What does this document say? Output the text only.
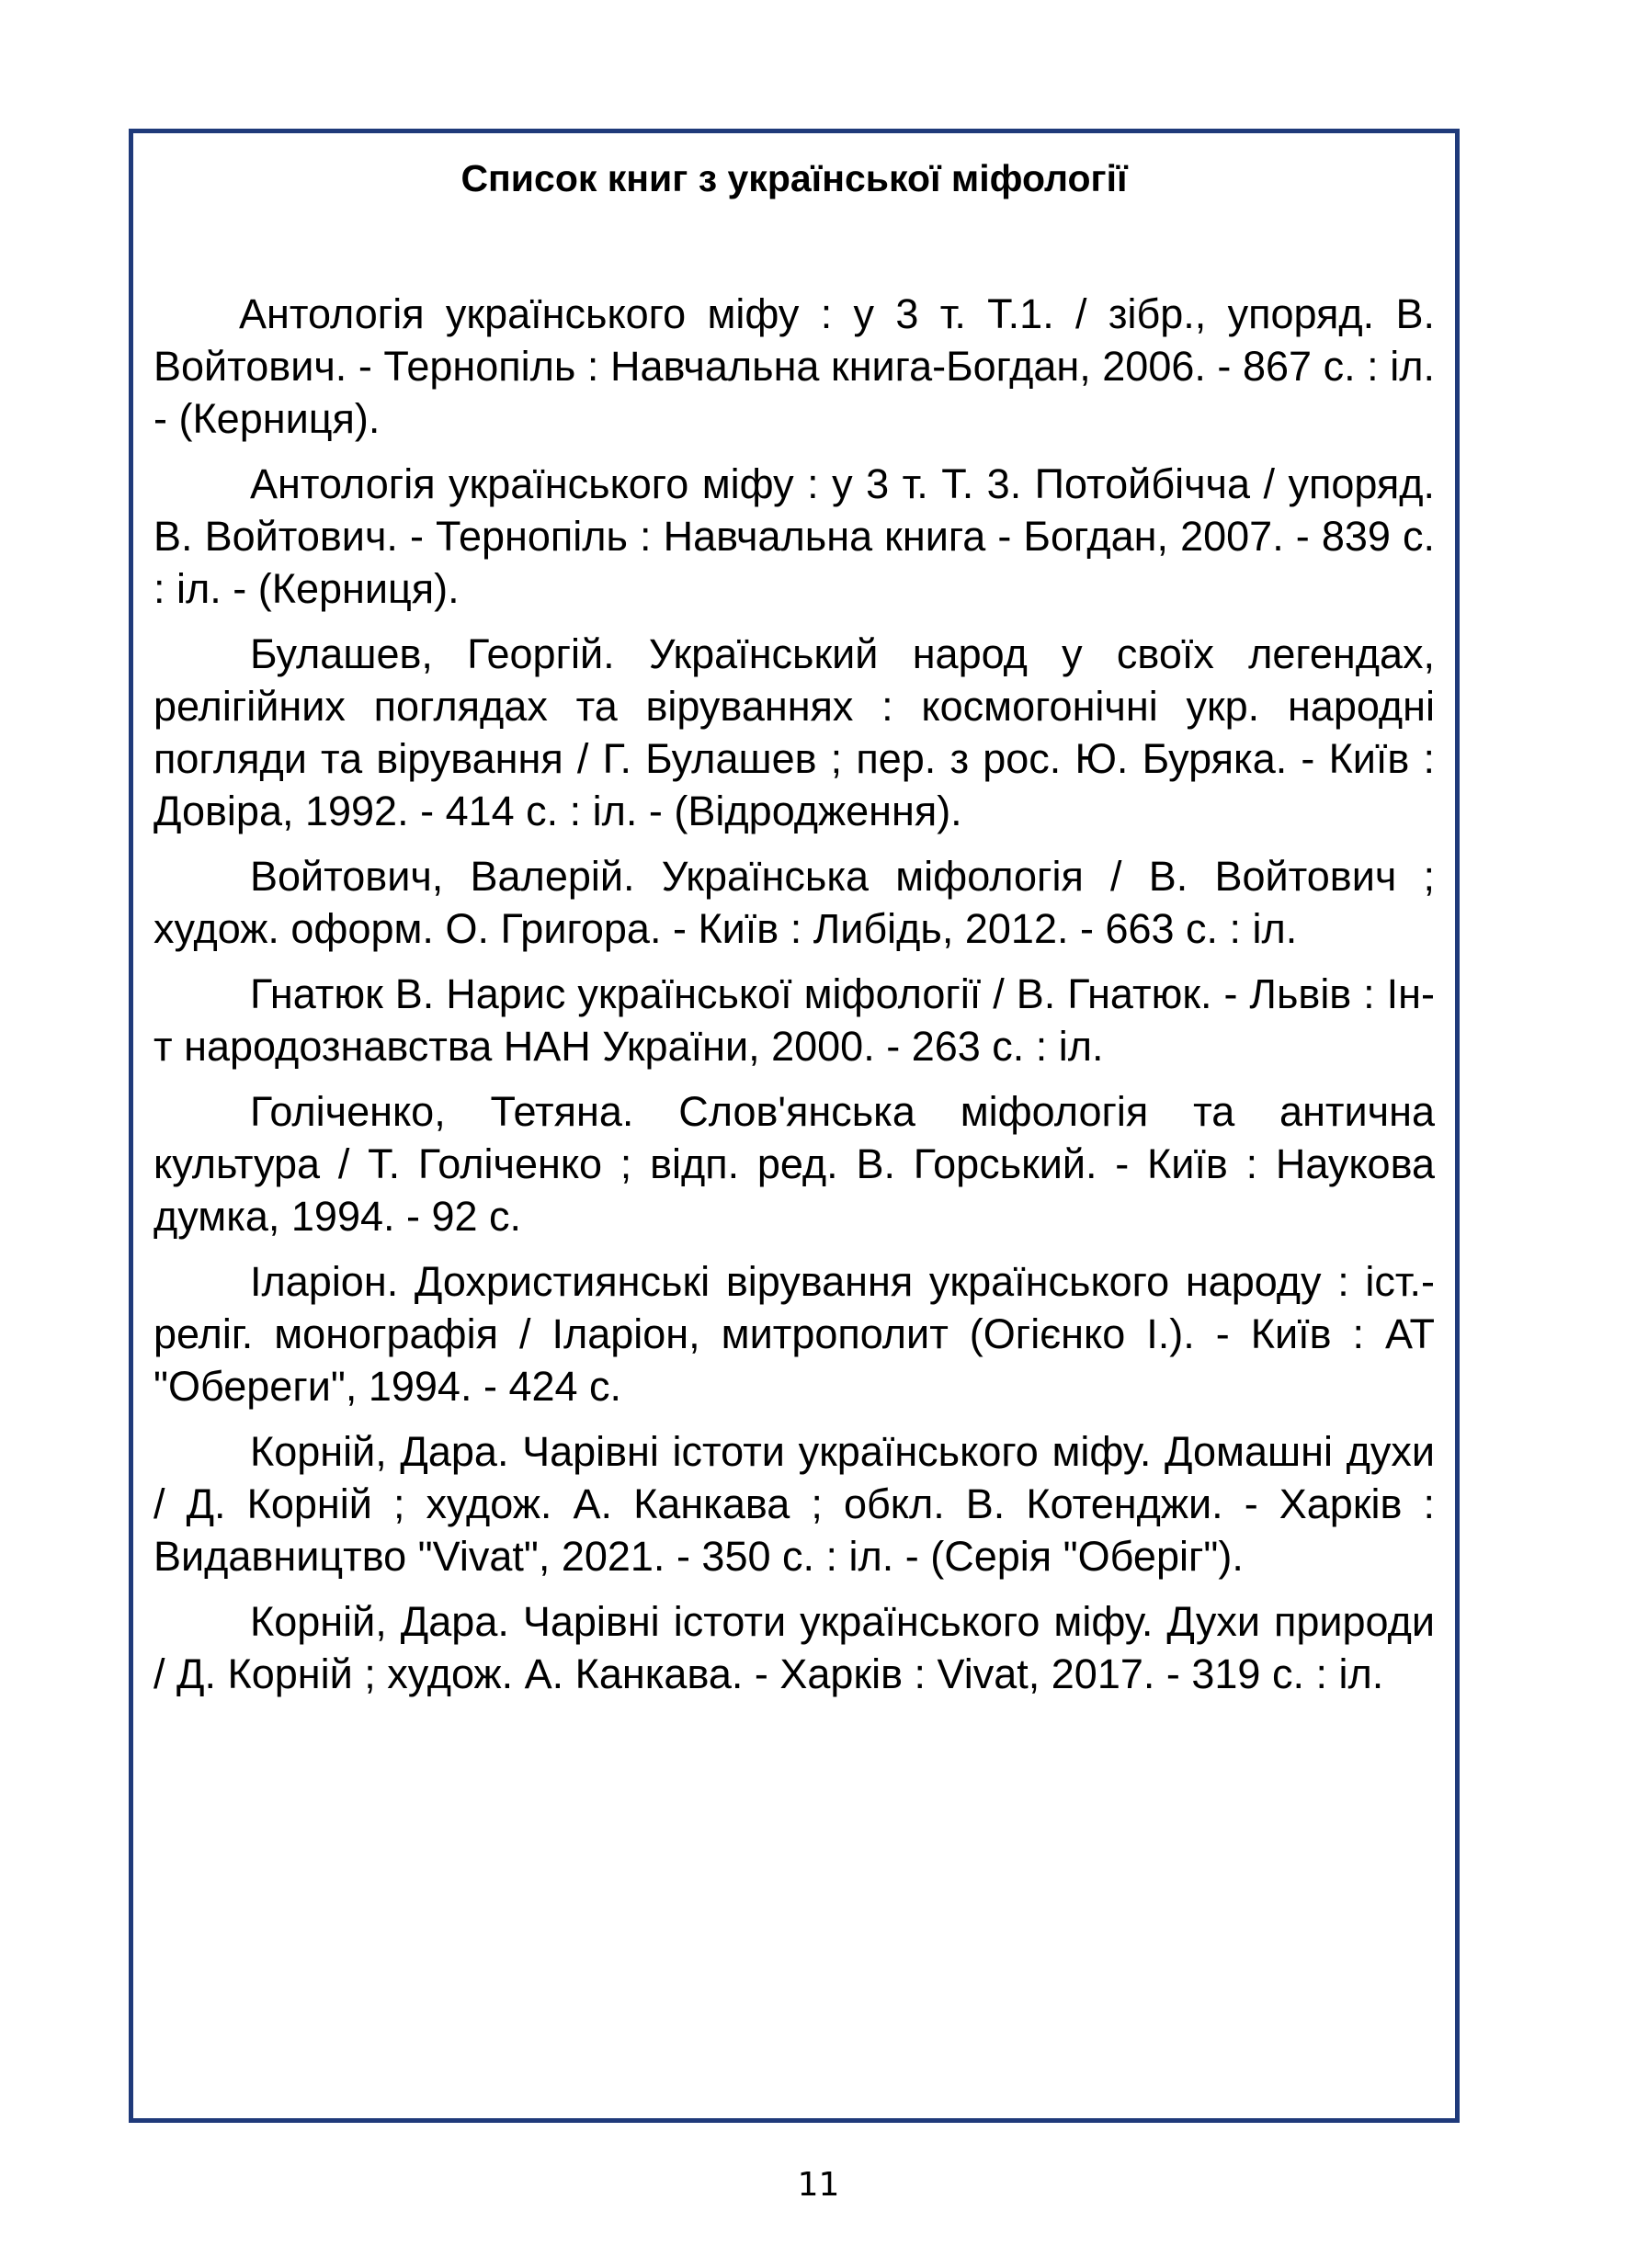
Список книг з української міфології

Антологія українського міфу : у 3 т. Т.1. / зібр., упоряд. В. Войтович. - Тернопіль : Навчальна книга-Богдан, 2006. - 867 с. : іл. - (Керниця).

Антологія українського міфу : у 3 т. Т. 3. Потойбічча / упоряд. В. Войтович. - Тернопіль : Навчальна книга - Богдан, 2007. - 839 с. : іл. - (Керниця).

Булашев, Георгій. Український народ у своїх легендах, релігійних поглядах та віруваннях : космогонічні укр. народні погляди та вірування / Г. Булашев ; пер. з рос. Ю. Буряка. - Київ : Довіра, 1992. - 414 с. : іл. - (Відродження).

Войтович, Валерій. Українська міфологія / В. Войтович ; худож. оформ. О. Григора. - Київ : Либідь, 2012. - 663 с. : іл.

Гнатюк В. Нарис української міфології / В. Гнатюк. - Львів : Ін-т народознавства НАН України, 2000. - 263 с. : іл.

Голіченко, Тетяна. Слов'янська міфологія та антична культура / Т. Голіченко ; відп. ред. В. Горський. - Київ : Наукова думка, 1994. - 92 с.

Іларіон. Дохристиянські вірування українського народу : іст.-реліг. монографія / Іларіон, митрополит (Огієнко І.). - Київ : АТ "Обереги", 1994. - 424 с.

Корній, Дара. Чарівні істоти українського міфу. Домашні духи / Д. Корній ; худож. А. Канкава ; обкл. В. Котенджи. - Харків : Видавництво "Vivat", 2021. - 350 с. : іл. - (Серія "Оберіг").

Корній, Дара. Чарівні істоти українського міфу. Духи природи / Д. Корній ; худож. А. Канкава. - Харків : Vivat, 2017. - 319 с. : іл.

11
